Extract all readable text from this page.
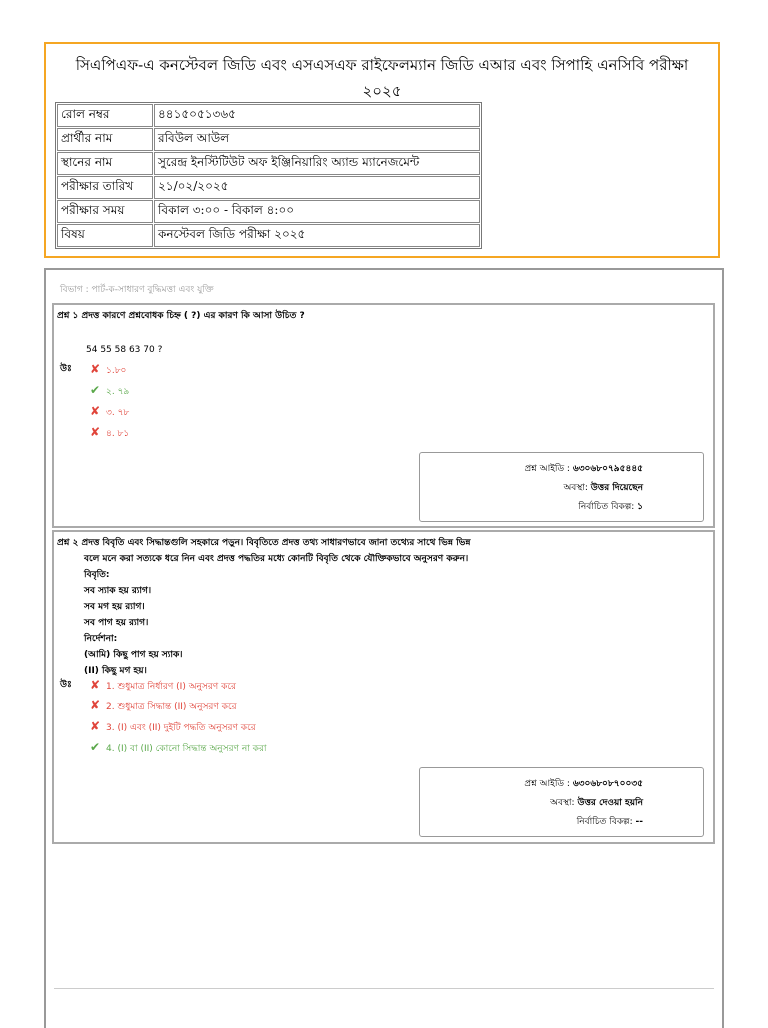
সিএপিএফ-এ কনস্টেবল জিডি এবং এসএসএফ রাইফেলম্যান জিডি এআর এবং সিপাহি এনসিবি পরীক্ষা
২০২৫
রোল নম্বর	৪৪১৫০৫১৩৬৫
প্রার্থীর নাম	রবিউল আউল
স্থানের নাম	সুরেন্দ্র ইনস্টিটিউট অফ ইঞ্জিনিয়ারিং অ্যান্ড ম্যানেজমেন্ট
পরীক্ষার তারিখ	২১/০২/২০২৫
পরীক্ষার সময়	বিকাল ৩:০০ - বিকাল ৪:০০
বিষয়	কনস্টেবল জিডি পরীক্ষা ২০২৫
বিভাগ : পার্ট-ক-সাধারণ বুদ্ধিমত্তা এবং যুক্তি
প্রশ্ন ১ প্রদত্ত কারণে প্রশ্নবোধক চিহ্ন ( ?) এর কারণ কি আসা উচিত ?
54 55 58 63 70 ?
উঃ ✘ ১.৮০
✔ ২. ৭৯
✘ ৩. ৭৮
✘ ৪. ৮১
প্রশ্ন আইডি : ৬৩০৬৮০৭৯৫৪৪৫
অবস্থা: উত্তর দিয়েছেন
নির্বাচিত বিকল্প: ১
প্রশ্ন ২ প্রদত্ত বিবৃতি এবং সিদ্ধান্তগুলি সহকারে পড়ুন। বিবৃতিতে প্রদত্ত তথ্য সাধারণভাবে জানা তথ্যের সাথে ভিন্ন ভিন্ন
বলে মনে করা সত্যকে ধরে নিন এবং প্রদত্ত পদ্ধতির মধ্যে কোনটি বিবৃতি থেকে যৌক্তিকভাবে অনুসরণ করুন।
বিবৃতি:
সব স্যাক হয় র‍্যাগ।
সব মগ হয় র‍্যাগ।
সব পাগ হয় র‍্যাগ।
নির্দেশনা:
(আমি) কিছু পাগ হয় স্যাক।
(II) কিছু মগ হয়।
উঃ ✘ 1. শুধুমাত্র নির্ধারণ (I) অনুসরণ করে
✘ 2. শুধুমাত্র সিদ্ধান্ত (II) অনুসরণ করে
✘ 3. (I) এবং (II) দুইটি পদ্ধতি অনুসরণ করে
✔ 4. (I) বা (II) কোনো সিদ্ধান্ত অনুসরণ না করা
প্রশ্ন আইডি : ৬৩০৬৮০৮৭০০৩৫
অবস্থা: উত্তর দেওয়া হয়নি
নির্বাচিত বিকল্প: --
